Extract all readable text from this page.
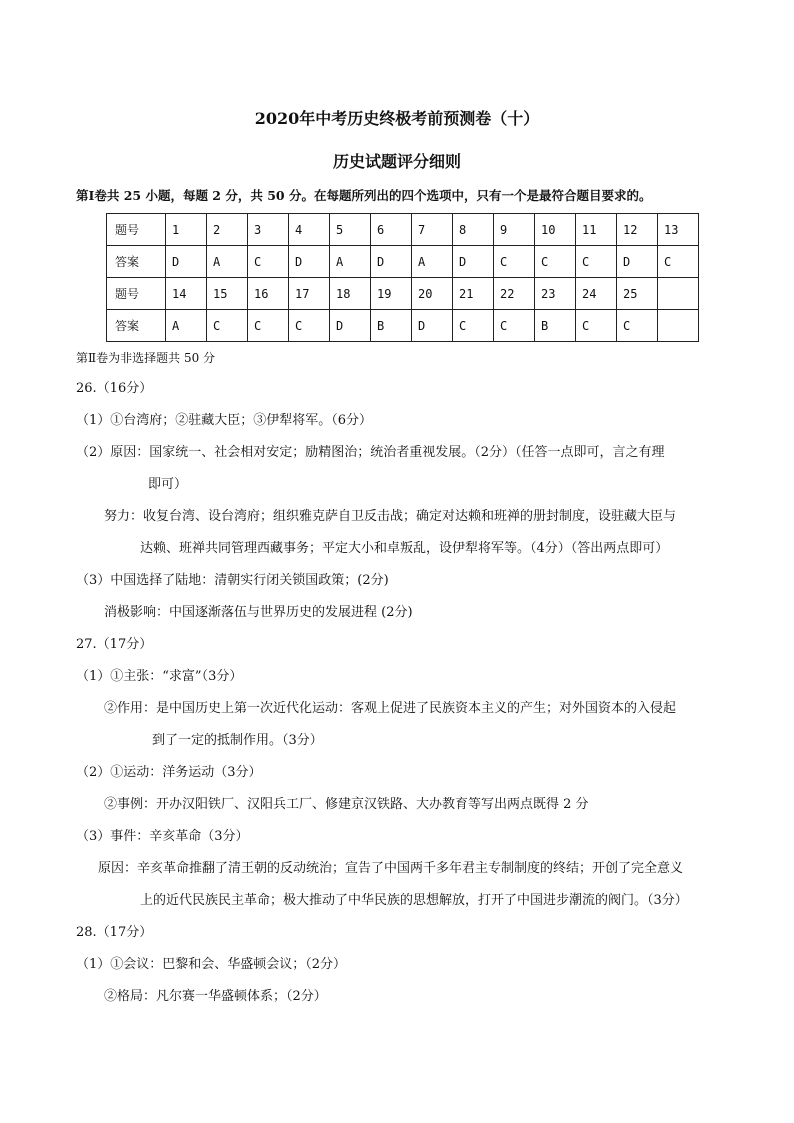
2020年中考历史终极考前预测卷（十）
历史试题评分细则
第Ⅰ卷共 25 小题，每题 2 分，共 50 分。在每题所列出的四个选项中，只有一个是最符合题目要求的。
题号	1	2	3	4	5	6	7	8	9	10	11	12	13
答案	D	A	C	D	A	D	A	D	C	C	C	D	C
题号	14	15	16	17	18	19	20	21	22	23	24	25	
答案	A	C	C	C	D	B	D	C	C	B	C	C	
第Ⅱ卷为非选择题共 50 分
26.（16分）
（1）①台湾府；②驻藏大臣；③伊犁将军。（6分）
（2）原因：国家统一、社会相对安定；励精图治；统治者重视发展。（2分）（任答一点即可，言之有理
即可）
努力：收复台湾、设台湾府；组织雅克萨自卫反击战；确定对达赖和班禅的册封制度，设驻藏大臣与
达赖、班禅共同管理西藏事务；平定大小和卓叛乱，设伊犁将军等。（4分）（答出两点即可）
（3）中国选择了陆地：清朝实行闭关锁国政策；(2分)
消极影响：中国逐渐落伍与世界历史的发展进程 (2分)
27.（17分）
（1）①主张：“求富”（3分）
②作用：是中国历史上第一次近代化运动：客观上促进了民族资本主义的产生；对外国资本的入侵起
到了一定的抵制作用。（3分）
（2）①运动：洋务运动（3分）
②事例：开办汉阳铁厂、汉阳兵工厂、修建京汉铁路、大办教育等写出两点既得 2 分
（3）事件：辛亥革命（3分）
原因：辛亥革命推翻了清王朝的反动统治；宣告了中国两千多年君主专制制度的终结；开创了完全意义
上的近代民族民主革命；极大推动了中华民族的思想解放，打开了中国进步潮流的阀门。（3分）
28.（17分）
（1）①会议：巴黎和会、华盛顿会议；（2分）
②格局：凡尔赛一华盛顿体系；（2分）
